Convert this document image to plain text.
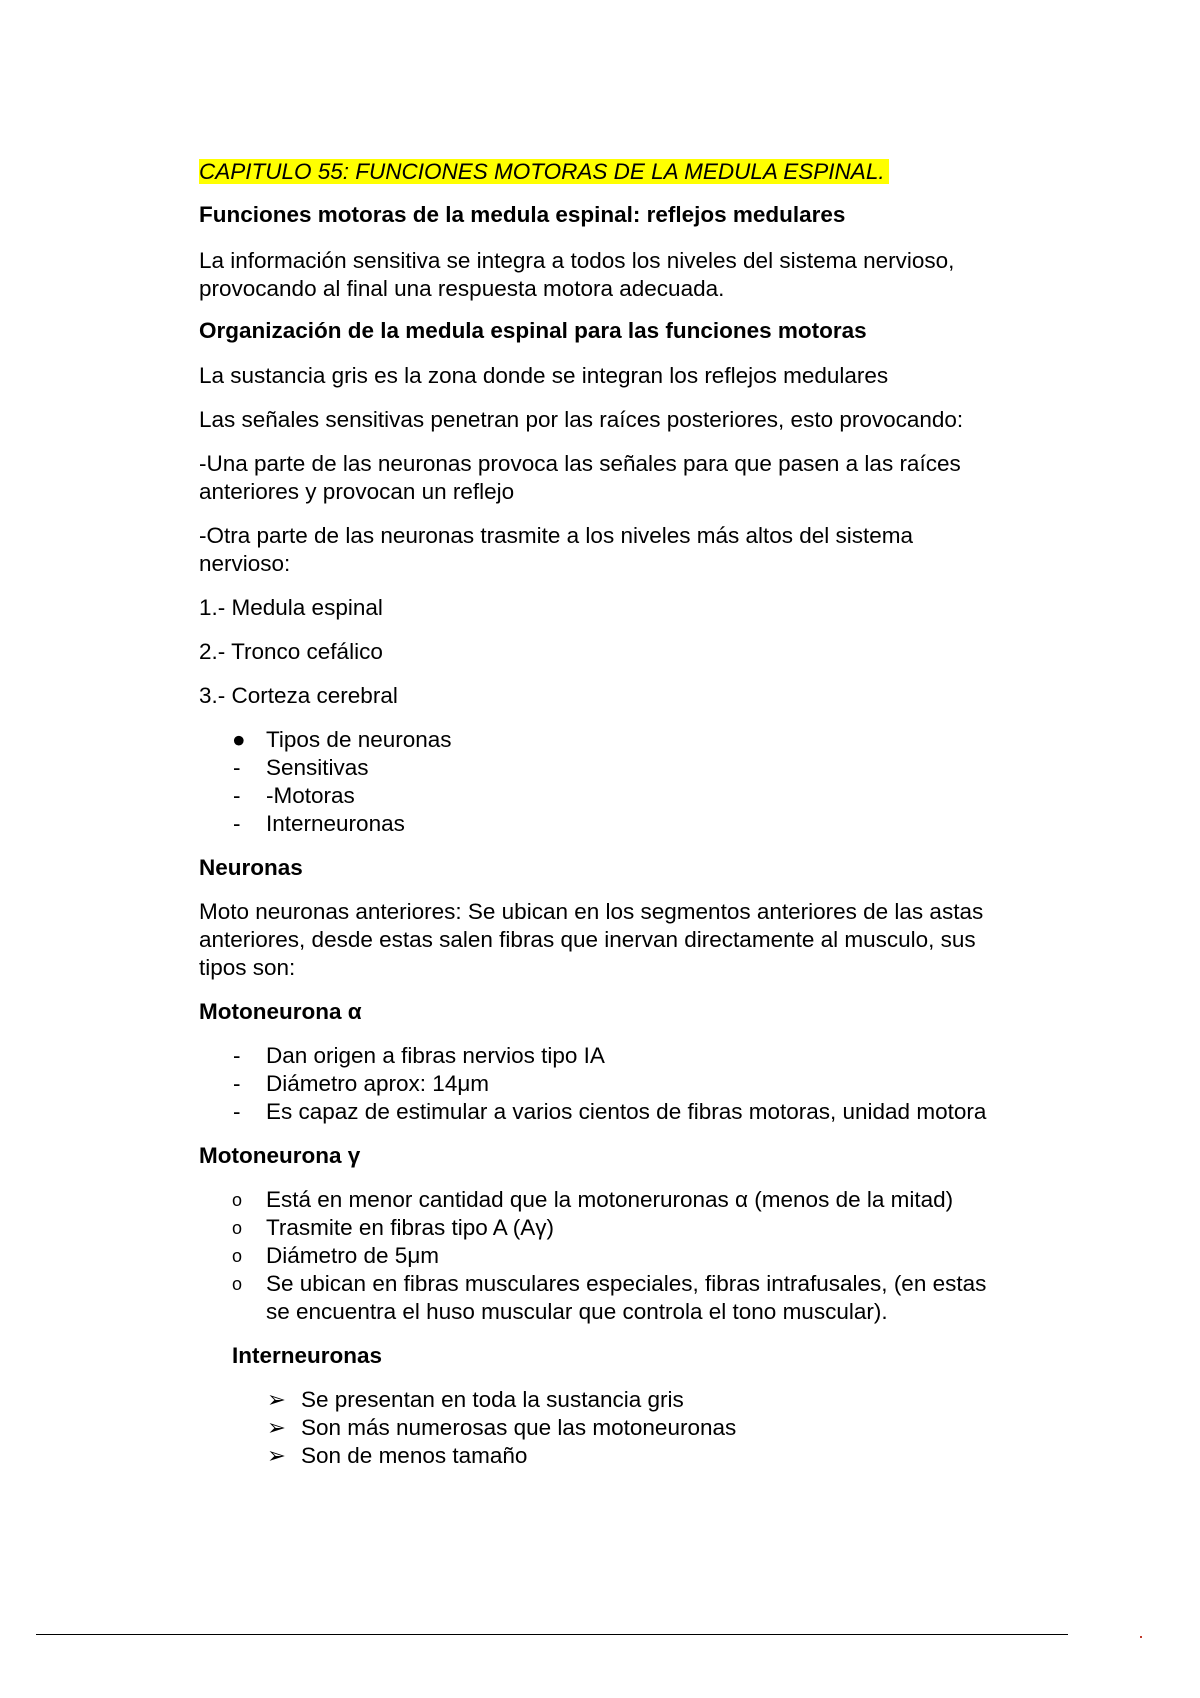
CAPITULO 55: FUNCIONES MOTORAS DE LA MEDULA ESPINAL.
Funciones motoras de la medula espinal: reflejos medulares
La información sensitiva se integra a todos los niveles del sistema nervioso,
provocando al final una respuesta motora adecuada.
Organización de la medula espinal para las funciones motoras
La sustancia gris es la zona donde se integran los reflejos medulares
Las señales sensitivas penetran por las raíces posteriores, esto provocando:
-Una parte de las neuronas provoca las señales para que pasen a las raíces
anteriores y provocan un reflejo
-Otra parte de las neuronas trasmite a los niveles más altos del sistema
nervioso:
1.- Medula espinal
2.- Tronco cefálico
3.- Corteza cerebral
● Tipos de neuronas
- Sensitivas
- -Motoras
- Interneuronas
Neuronas
Moto neuronas anteriores: Se ubican en los segmentos anteriores de las astas
anteriores, desde estas salen fibras que inervan directamente al musculo, sus
tipos son:
Motoneurona α
- Dan origen a fibras nervios tipo IA
- Diámetro aprox: 14μm
- Es capaz de estimular a varios cientos de fibras motoras, unidad motora
Motoneurona γ
o Está en menor cantidad que la motoneruronas α (menos de la mitad)
o Trasmite en fibras tipo A (Aγ)
o Diámetro de 5μm
o Se ubican en fibras musculares especiales, fibras intrafusales, (en estas
se encuentra el huso muscular que controla el tono muscular).
Interneuronas
➢ Se presentan en toda la sustancia gris
➢ Son más numerosas que las motoneuronas
➢ Son de menos tamaño
